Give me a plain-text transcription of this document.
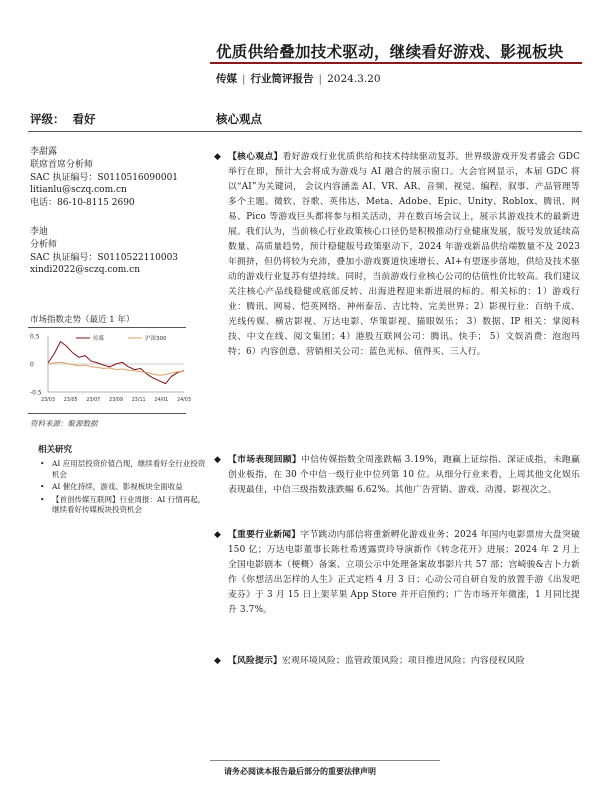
优质供给叠加技术驱动，继续看好游戏、影视板块
传媒 | 行业简评报告 | 2024.3.20
评级： 看好	核心观点
李甜露
联席首席分析师
SAC 执证编号：S0110516090001
litianlu@sczq.com.cn
电话：86-10-8115 2690
李迪
分析师
SAC 执证编号：S0110522110003
xindi2022@sczq.com.cn
市场指数走势（最近 1 年）
0.5
0
-0.5
23/03 23/05 23/07 23/09 23/11 24/01 24/03
传媒	沪深300
资料来源：聚源数据
相关研究
• AI 应用层投资价值凸现，继续看好全行业投资机会
• AI 催化持续，游戏、影视板块全面收益
• 【首创传媒互联网】行业周报：AI 行情再起，继续看好传媒板块投资机会
◆ 【核心观点】看好游戏行业优质供给和技术持续驱动复苏。世界级游戏开发者盛会 GDC 举行在即，预计大会将成为游戏与 AI 融合的展示窗口。大会官网显示，本届 GDC 将以“AI”为关键词， 会议内容涵盖 AI、VR、AR、音频、视觉、编程、叙事、产品管理等多个主题。微软、谷歌、英伟达、Meta、Adobe、Epic、Unity、Roblox、腾讯、网易、Pico 等游戏巨头都将参与相关活动，并在数百场会议上，展示其游戏技术的最新进展。我们认为，当前核心行业政策核心口径仍是积极推动行业健康发展，版号发放延续高数量、高质量趋势，预计稳健版号政策驱动下，2024 年游戏新品供给端数量不及 2023 年拥挤，但仍将较为充沛，叠加小游戏赛道快速增长、AI+有望逐步落地，供给及技术驱动的游戏行业复苏有望持续。同时，当前游戏行业核心公司的估值性价比较高。我们建议关注核心产品线稳健或底部反转、出海进程迎来新进展的标的。相关标的：1）游戏行业：腾讯、网易、恺英网络、神州泰岳、吉比特、完美世界；2）影视行业：百纳千成、光线传媒、横店影视、万达电影、华策影视、猫眼娱乐； 3）数据、IP 相关：掌阅科技、中文在线、阅文集团；4）港股互联网公司：腾讯、快手； 5）文娱消费：泡泡玛特；6）内容创意、营销相关公司：蓝色光标、值得买、三人行。
◆ 【市场表现回顾】中信传媒指数全周涨跌幅 3.19%，跑赢上证综指、深证成指，未跑赢创业板指，在 30 个中信一级行业中位列第 10 位。从细分行业来看，上周其他文化娱乐表现最佳，中信三级指数涨跌幅 6.62%。其他广告营销、游戏、动漫、影视次之。
◆ 【重要行业新闻】字节跳动内部信将重新孵化游戏业务；2024 年国内电影票房大盘突破 150 亿；万达电影董事长陈杜希透露贾玲导演新作《转念花开》进展；2024 年 2 月上全国电影剧本（梗概）备案、立项公示中处理备案故事影片共 57 部；宫崎骏&吉卜力新作《你想活出怎样的人生》正式定档 4 月 3 日；心动公司自研自发的放置手游《出发吧麦芬》于 3 月 15 日上架苹果 App Store 并开启预约；广告市场开年微涨，1 月同比提升 3.7%。
◆ 【风险提示】宏观环境风险；监管政策风险；项目推进风险；内容侵权风险
请务必阅读本报告最后部分的重要法律声明
